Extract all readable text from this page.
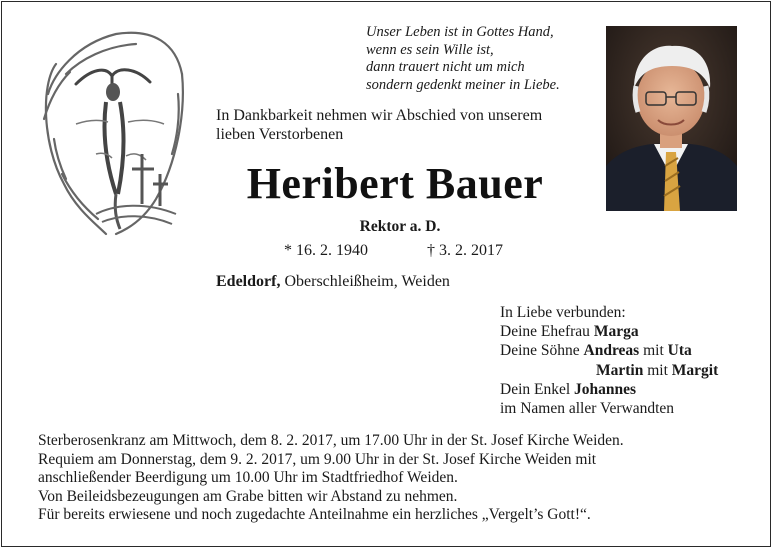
Unser Leben ist in Gottes Hand,
wenn es sein Wille ist,
dann trauert nicht um mich
sondern gedenkt meiner in Liebe.
In Dankbarkeit nehmen wir Abschied von unserem
lieben Verstorbenen
Heribert Bauer
Rektor a. D.
* 16. 2. 1940	† 3. 2. 2017
Edeldorf, Oberschleißheim, Weiden
In Liebe verbunden:
Deine Ehefrau Marga
Deine Söhne Andreas mit Uta
Martin mit Margit
Dein Enkel Johannes
im Namen aller Verwandten
Sterberosenkranz am Mittwoch, dem 8. 2. 2017, um 17.00 Uhr in der St. Josef Kirche Weiden.
Requiem am Donnerstag, dem 9. 2. 2017, um 9.00 Uhr in der St. Josef Kirche Weiden mit
anschließender Beerdigung um 10.00 Uhr im Stadtfriedhof Weiden.
Von Beileidsbezeugungen am Grabe bitten wir Abstand zu nehmen.
Für bereits erwiesene und noch zugedachte Anteilnahme ein herzliches „Vergelt’s Gott!“.
